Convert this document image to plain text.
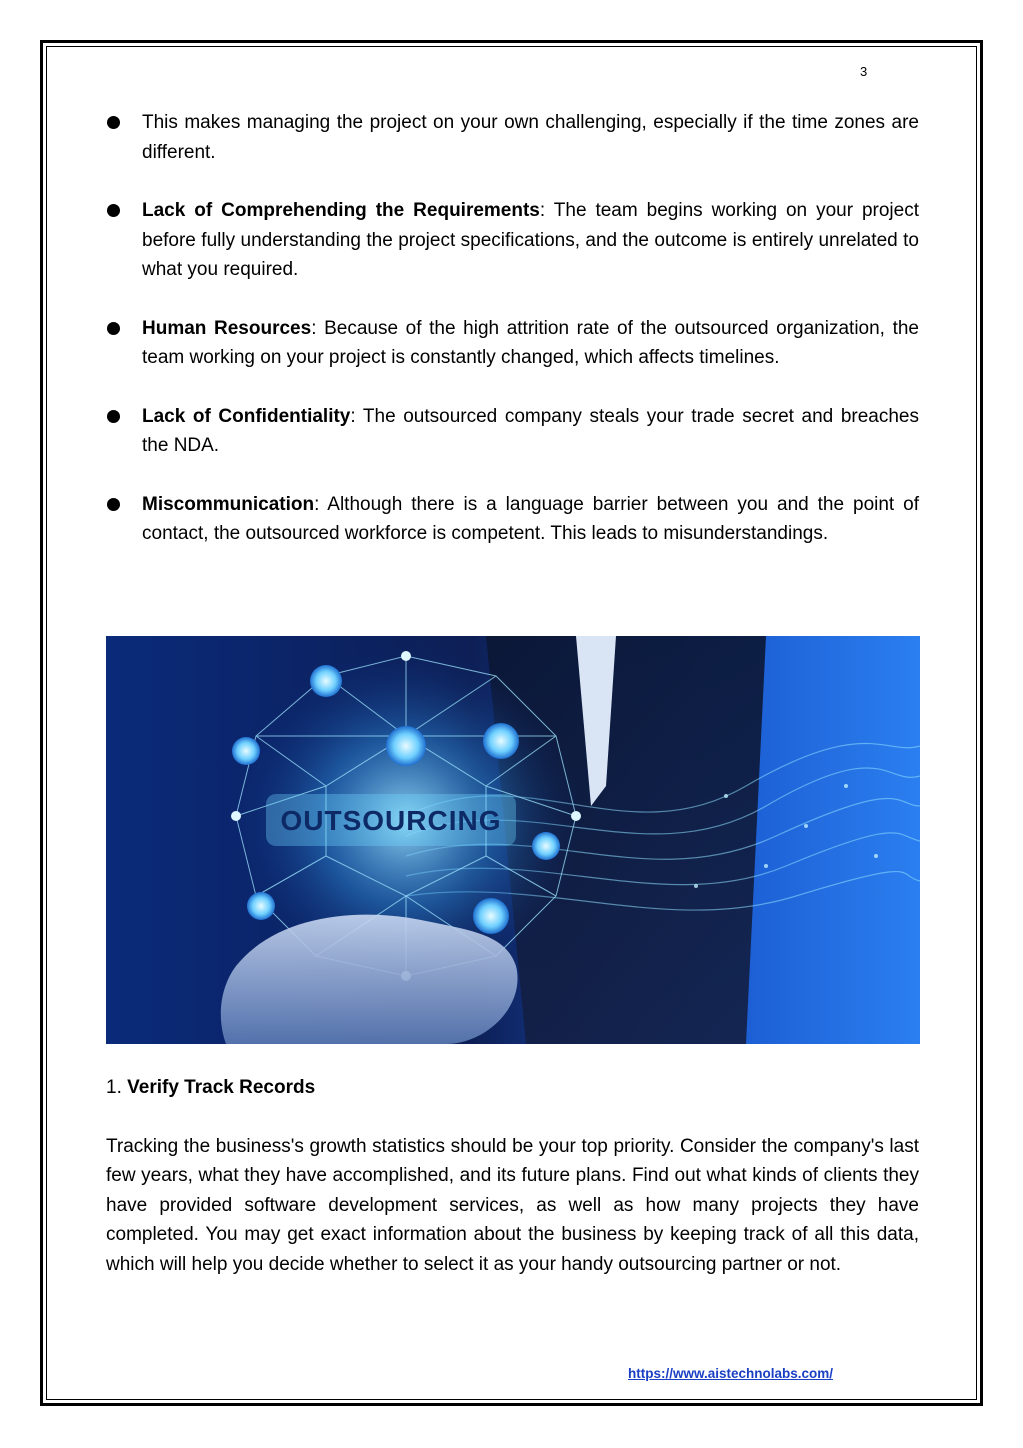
3
This makes managing the project on your own challenging, especially if the time zones are different.
Lack of Comprehending the Requirements: The team begins working on your project before fully understanding the project specifications, and the outcome is entirely unrelated to what you required.
Human Resources: Because of the high attrition rate of the outsourced organization, the team working on your project is constantly changed, which affects timelines.
Lack of Confidentiality: The outsourced company steals your trade secret and breaches the NDA.
Miscommunication: Although there is a language barrier between you and the point of contact, the outsourced workforce is competent. This leads to misunderstandings.
OUTSOURCING
1. Verify Track Records

Tracking the business's growth statistics should be your top priority. Consider the company's last few years, what they have accomplished, and its future plans. Find out what kinds of clients they have provided software development services, as well as how many projects they have completed. You may get exact information about the business by keeping track of all this data, which will help you decide whether to select it as your handy outsourcing partner or not.

https://www.aistechnolabs.com/
